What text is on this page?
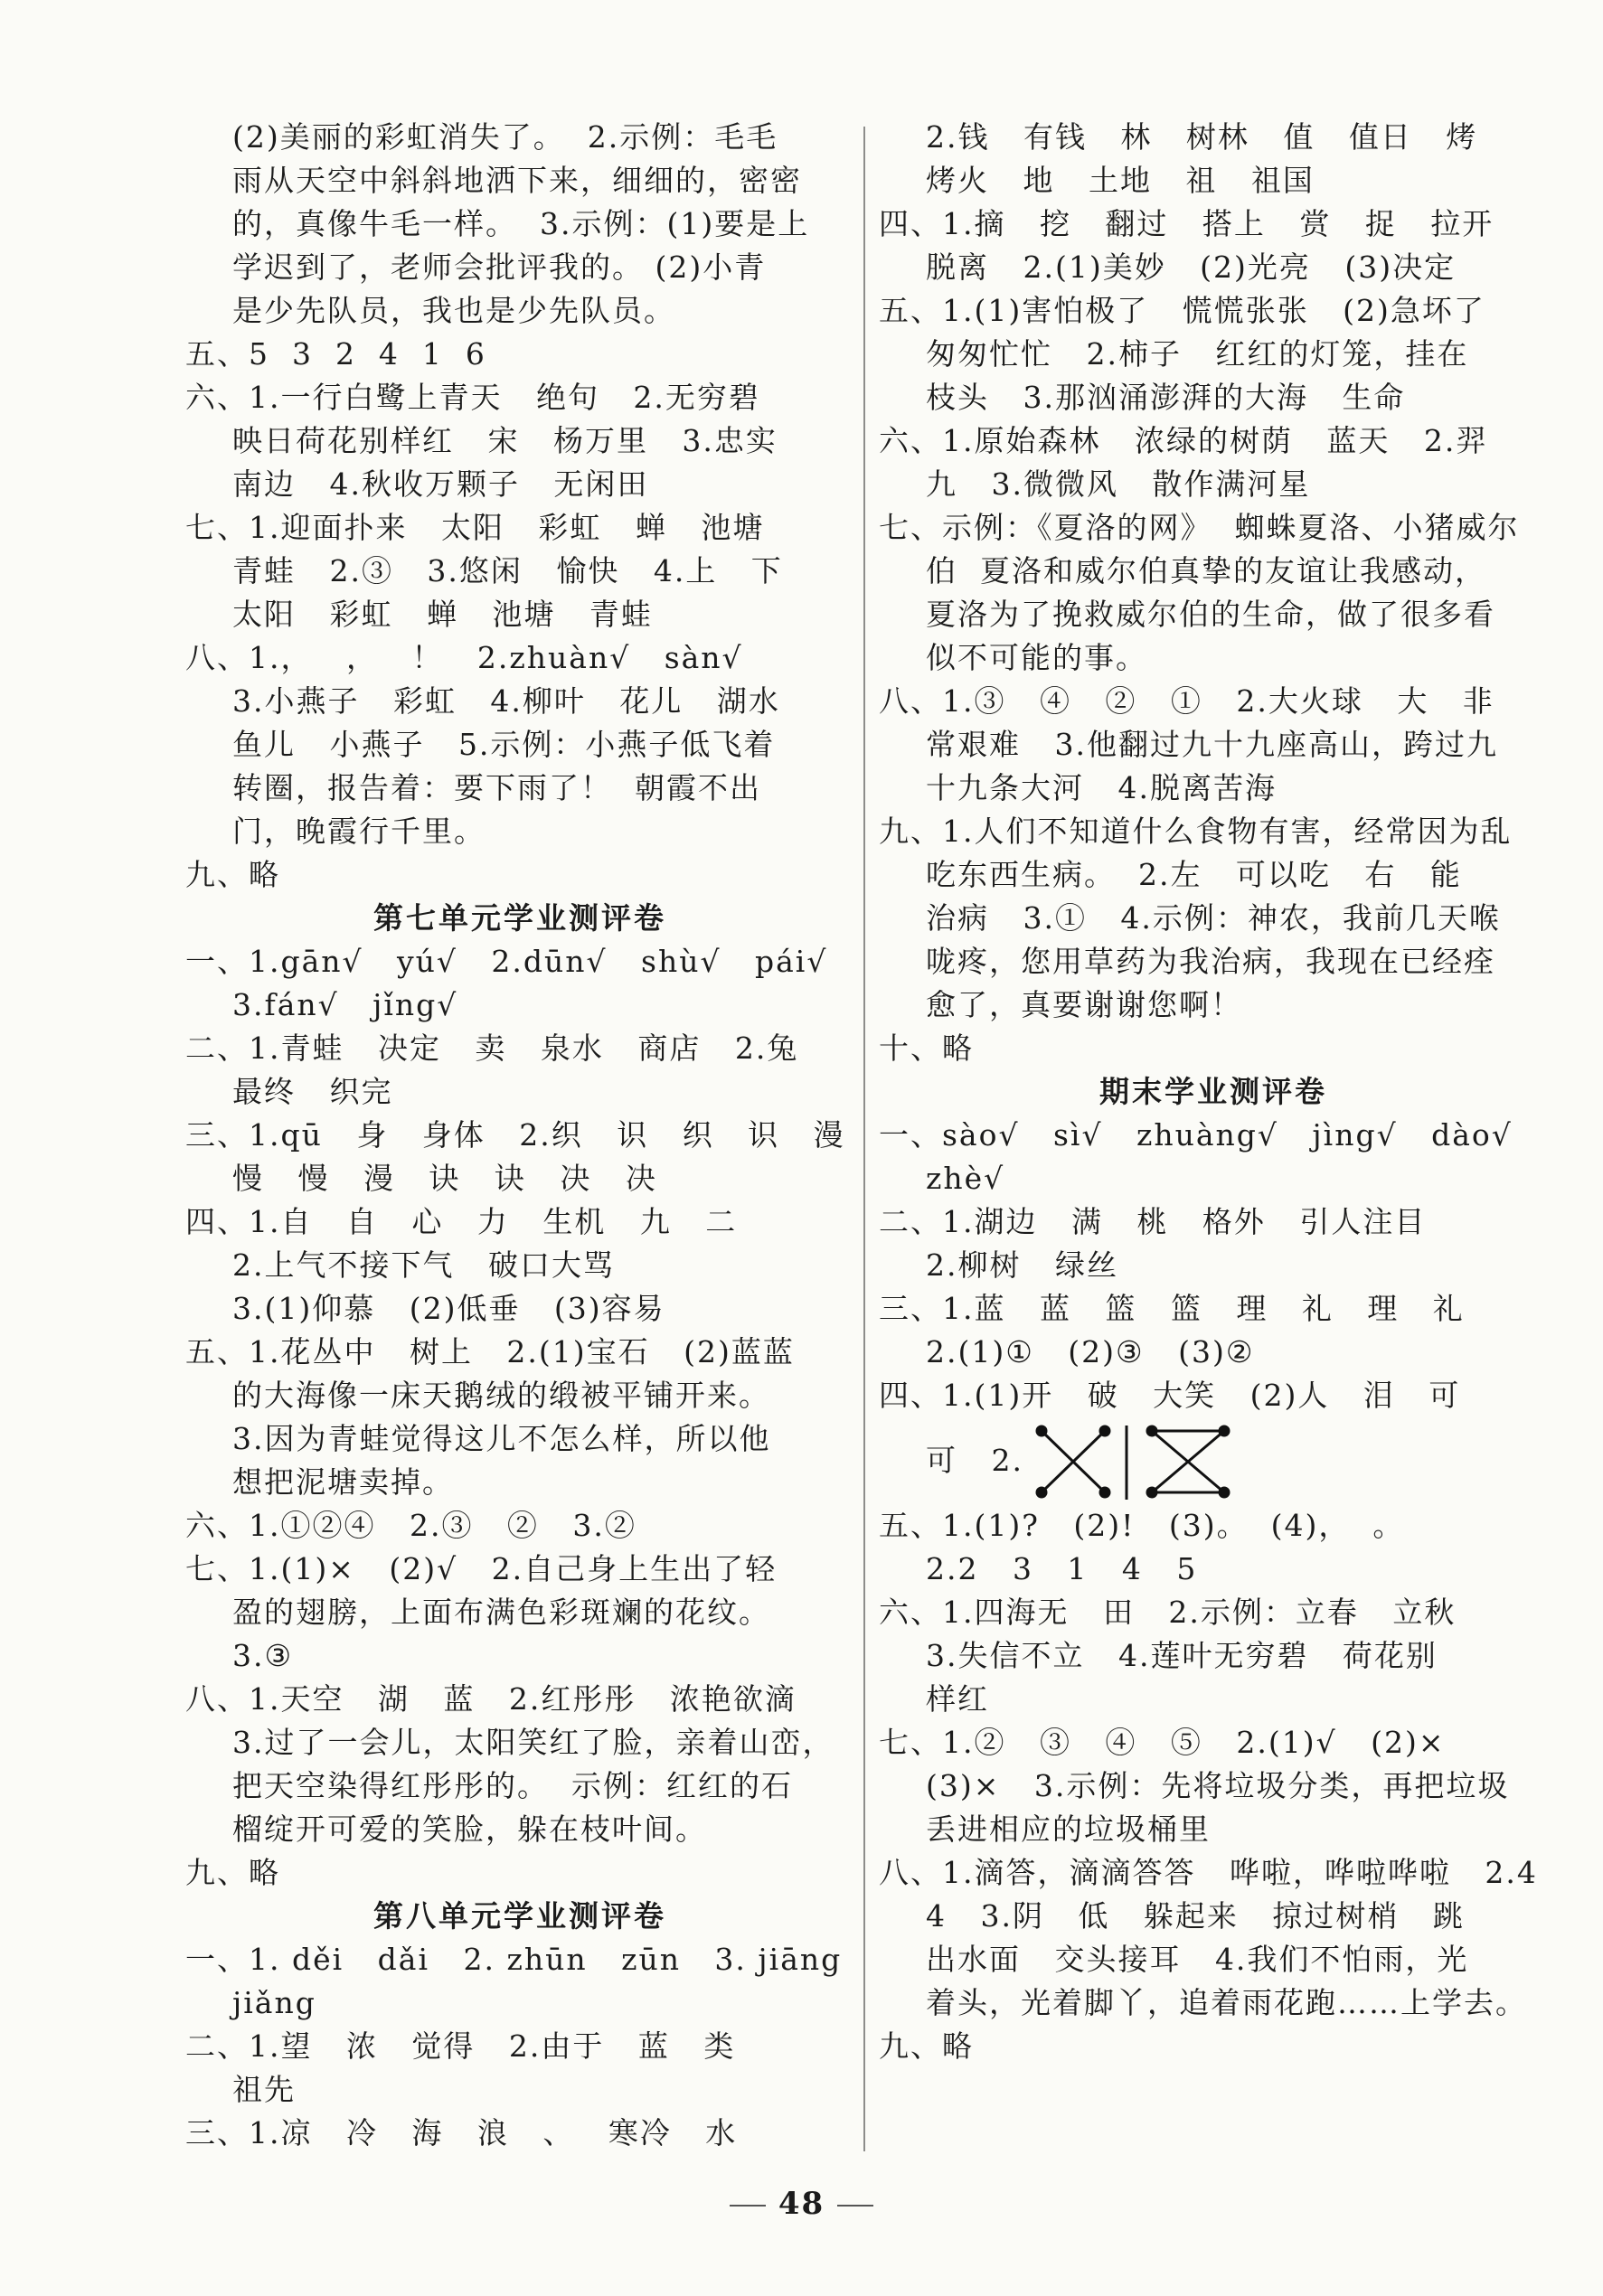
(2)美丽的彩虹消失了。  2.示例：毛毛
雨从天空中斜斜地洒下来，细细的，密密
的，真像牛毛一样。  3.示例：(1)要是上
学迟到了，老师会批评我的。 (2)小青
是少先队员，我也是少先队员。
五、5  3  2  4  1  6
六、1.一行白鹭上青天   绝句   2.无穷碧
映日荷花别样红   宋   杨万里   3.忠实
南边   4.秋收万颗子   无闲田
七、1.迎面扑来   太阳   彩虹   蝉   池塘
青蛙   2.③   3.悠闲   愉快   4.上   下
太阳   彩虹   蝉   池塘   青蛙
八、1.，   ，   ！   2.zhuàn√   sàn√
3.小燕子   彩虹   4.柳叶   花儿   湖水
鱼儿   小燕子   5.示例：小燕子低飞着
转圈，报告着：要下雨了！  朝霞不出
门，晚霞行千里。
九、略
第七单元学业测评卷
一、1.gān√   yú√   2.dūn√   shù√   pái√
3.fán√   jǐng√
二、1.青蛙   决定   卖   泉水   商店   2.兔
最终   织完
三、1.qū   身   身体   2.织   识   织   识   漫
慢   慢   漫   诀   诀   决   决
四、1.自   自   心   力   生机   九   二
2.上气不接下气   破口大骂
3.(1)仰慕   (2)低垂   (3)容易
五、1.花丛中   树上   2.(1)宝石   (2)蓝蓝
的大海像一床天鹅绒的缎被平铺开来。
3.因为青蛙觉得这儿不怎么样，所以他
想把泥塘卖掉。
六、1.①②④   2.③   ②   3.②
七、1.(1)×   (2)√   2.自己身上生出了轻
盈的翅膀，上面布满色彩斑斓的花纹。
3.③
八、1.天空   湖   蓝   2.红彤彤   浓艳欲滴
3.过了一会儿，太阳笑红了脸，亲着山峦，
把天空染得红彤彤的。  示例：红红的石
榴绽开可爱的笑脸，躲在枝叶间。
九、略
第八单元学业测评卷
一、1. děi   dǎi   2. zhūn   zūn   3. jiāng
jiǎng
二、1.望   浓   觉得   2.由于   蓝   类
祖先
三、1.凉   冷   海   浪   、   寒冷   水
2.钱   有钱   林   树林   值   值日   烤
烤火   地   土地   祖   祖国
四、1.摘   挖   翻过   搭上   赏   捉   拉开
脱离   2.(1)美妙   (2)光亮   (3)决定
五、1.(1)害怕极了   慌慌张张   (2)急坏了
匆匆忙忙   2.柿子   红红的灯笼，挂在
枝头   3.那汹涌澎湃的大海   生命
六、1.原始森林   浓绿的树荫   蓝天   2.羿
九   3.微微风   散作满河星
七、示例：《夏洛的网》  蜘蛛夏洛、小猪威尔
伯  夏洛和威尔伯真挚的友谊让我感动，
夏洛为了挽救威尔伯的生命，做了很多看
似不可能的事。
八、1.③   ④   ②   ①   2.大火球   大   非
常艰难   3.他翻过九十九座高山，跨过九
十九条大河   4.脱离苦海
九、1.人们不知道什么食物有害，经常因为乱
吃东西生病。  2.左   可以吃   右   能
治病   3.①   4.示例：神农，我前几天喉
咙疼，您用草药为我治病，我现在已经痊
愈了，真要谢谢您啊！
十、略
期末学业测评卷
一、sào√   sì√   zhuàng√   jìng√   dào√
zhè√
二、1.湖边   满   桃   格外   引人注目
2.柳树   绿丝
三、1.蓝   蓝   篮   篮   理   礼   理   礼
2.(1)①   (2)③   (3)②
四、1.(1)开   破   大笑   (2)人   泪   可
可   2.
五、1.(1)?   (2)!   (3)。  (4)，  。
2.2   3   1   4   5
六、1.四海无   田   2.示例：立春   立秋
3.失信不立   4.莲叶无穷碧   荷花别
样红
七、1.②   ③   ④   ⑤   2.(1)√   (2)×
(3)×   3.示例：先将垃圾分类，再把垃圾
丢进相应的垃圾桶里
八、1.滴答，滴滴答答   哗啦，哗啦哗啦   2.4
4   3.阴   低   躲起来   掠过树梢   跳
出水面   交头接耳   4.我们不怕雨，光
着头，光着脚丫，追着雨花跑……上学去。
九、略
48
